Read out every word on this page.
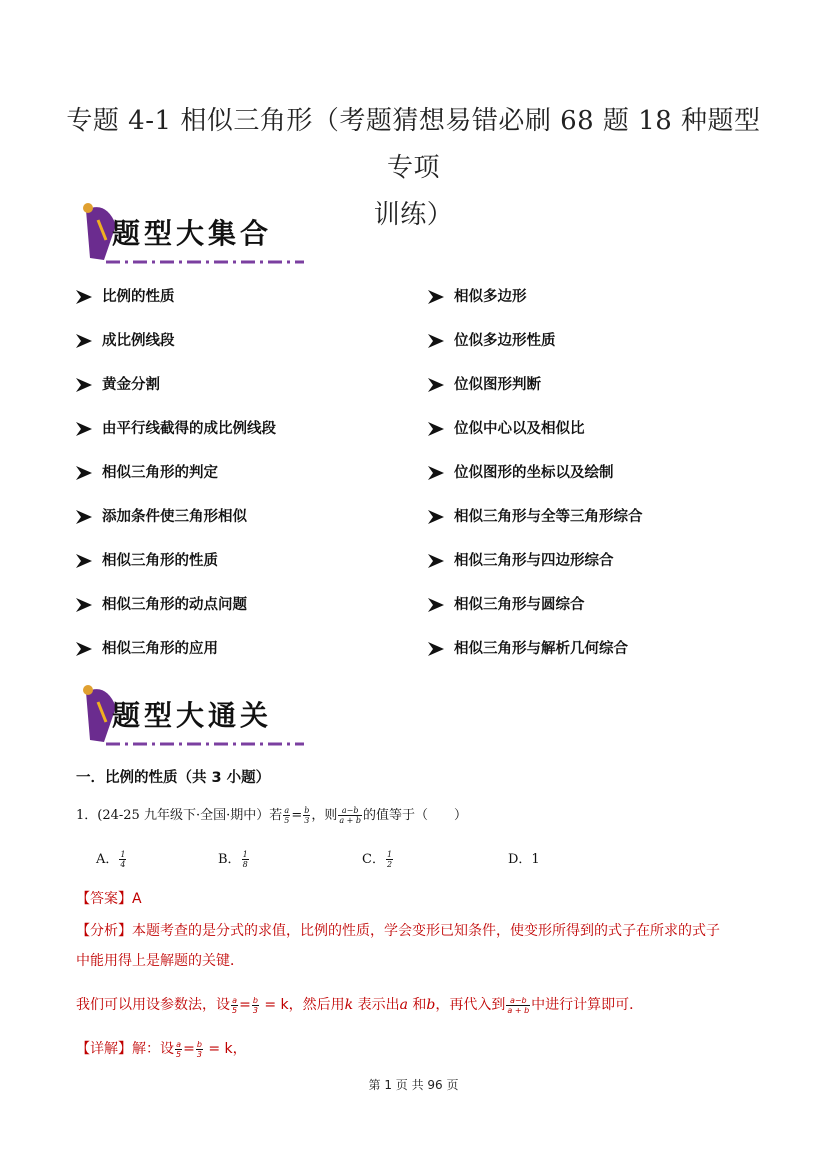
专题 4-1 相似三角形（考题猜想易错必刷 68 题 18 种题型专项
训练）
题型大集合
比例的性质
成比例线段
黄金分割
由平行线截得的成比例线段
相似三角形的判定
添加条件使三角形相似
相似三角形的性质
相似三角形的动点问题
相似三角形的应用
相似多边形
位似多边形性质
位似图形判断
位似中心以及相似比
位似图形的坐标以及绘制
相似三角形与全等三角形综合
相似三角形与四边形综合
相似三角形与圆综合
相似三角形与解析几何综合
题型大通关
一．比例的性质（共 3 小题）
1．(24-25 九年级下·全国·期中）若 $\frac{a}{5} = \frac{b}{3}$ ，则 $\frac{a-b}{a + b}$ 的值等于（　　）
A． $\frac{1}{4}$	B． $\frac{1}{8}$	C． $\frac{1}{2}$	D．1
【答案】A
【分析】本题考查的是分式的求值，比例的性质，学会变形已知条件，使变形所得到的式子在所求的式子
中能用得上是解题的关键．
我们可以用设参数法，设 $\frac{a}{5} = \frac{b}{3} = k$，然后用k 表示出a 和b，再代入到 $\frac{a-b}{a + b}$ 中进行计算即可．
【详解】解：设 $\frac{a}{5} = \frac{b}{3} = k$，
第 1 页 共 96 页
